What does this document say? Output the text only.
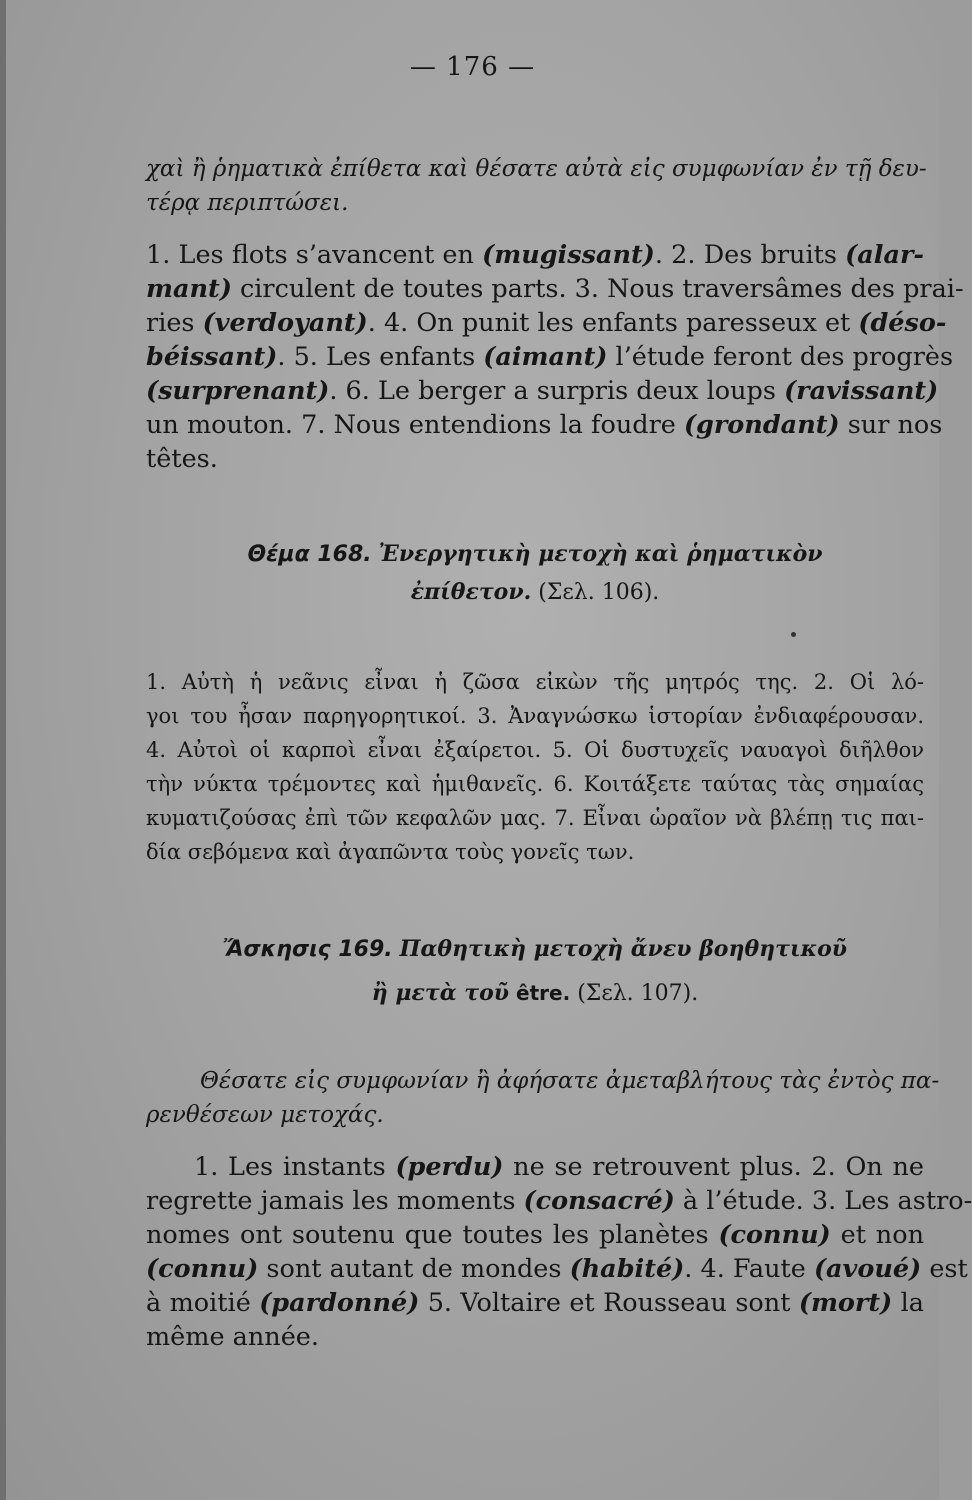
— 176 —
χαὶ ἢ ῥηματικὰ ἐπίθετα καὶ θέσατε αὐτὰ εἰς συμφωνίαν ἐν τῇ δευ-
τέρᾳ περιπτώσει.
1. Les flots s’avancent en (mugissant). 2. Des bruits (alar-
mant) circulent de toutes parts. 3. Nous traversâmes des prai-
ries (verdoyant). 4. On punit les enfants paresseux et (déso-
béissant). 5. Les enfants (aimant) l’étude feront des progrès
(surprenant). 6. Le berger a surpris deux loups (ravissant)
un mouton. 7. Nous entendions la foudre (grondant) sur nos
têtes.
Θέμα 168. Ἐνεργητικὴ μετοχὴ καὶ ῥηματικὸν
ἐπίθετον. (Σελ. 106).
1. Αὐτὴ ἡ νεᾶνις εἶναι ἡ ζῶσα εἰκὼν τῆς μητρός της. 2. Οἱ λό-
γοι του ἦσαν παρηγορητικοί. 3. Ἀναγνώσκω ἱστορίαν ἐνδιαφέρουσαν.
4. Αὐτοὶ οἱ καρποὶ εἶναι ἐξαίρετοι. 5. Οἱ δυστυχεῖς ναυαγοὶ διῆλθον
τὴν νύκτα τρέμοντες καὶ ἡμιθανεῖς. 6. Κοιτάξετε ταύτας τὰς σημαίας
κυματιζούσας ἐπὶ τῶν κεφαλῶν μας. 7. Εἶναι ὡραῖον νὰ βλέπῃ τις παι-
δία σεβόμενα καὶ ἀγαπῶντα τοὺς γονεῖς των.
Ἄσκησις 169. Παθητικὴ μετοχὴ ἄνευ βοηθητικοῦ
ἢ μετὰ τοῦ être. (Σελ. 107).
Θέσατε εἰς συμφωνίαν ἢ ἀφήσατε ἀμεταβλήτους τὰς ἐντὸς πα-
ρενθέσεων μετοχάς.
1. Les instants (perdu) ne se retrouvent plus. 2. On ne
regrette jamais les moments (consacré) à l’étude. 3. Les astro-
nomes ont soutenu que toutes les planètes (connu) et non
(connu) sont autant de mondes (habité). 4. Faute (avoué) est
à moitié (pardonné) 5. Voltaire et Rousseau sont (mort) la
même année.
